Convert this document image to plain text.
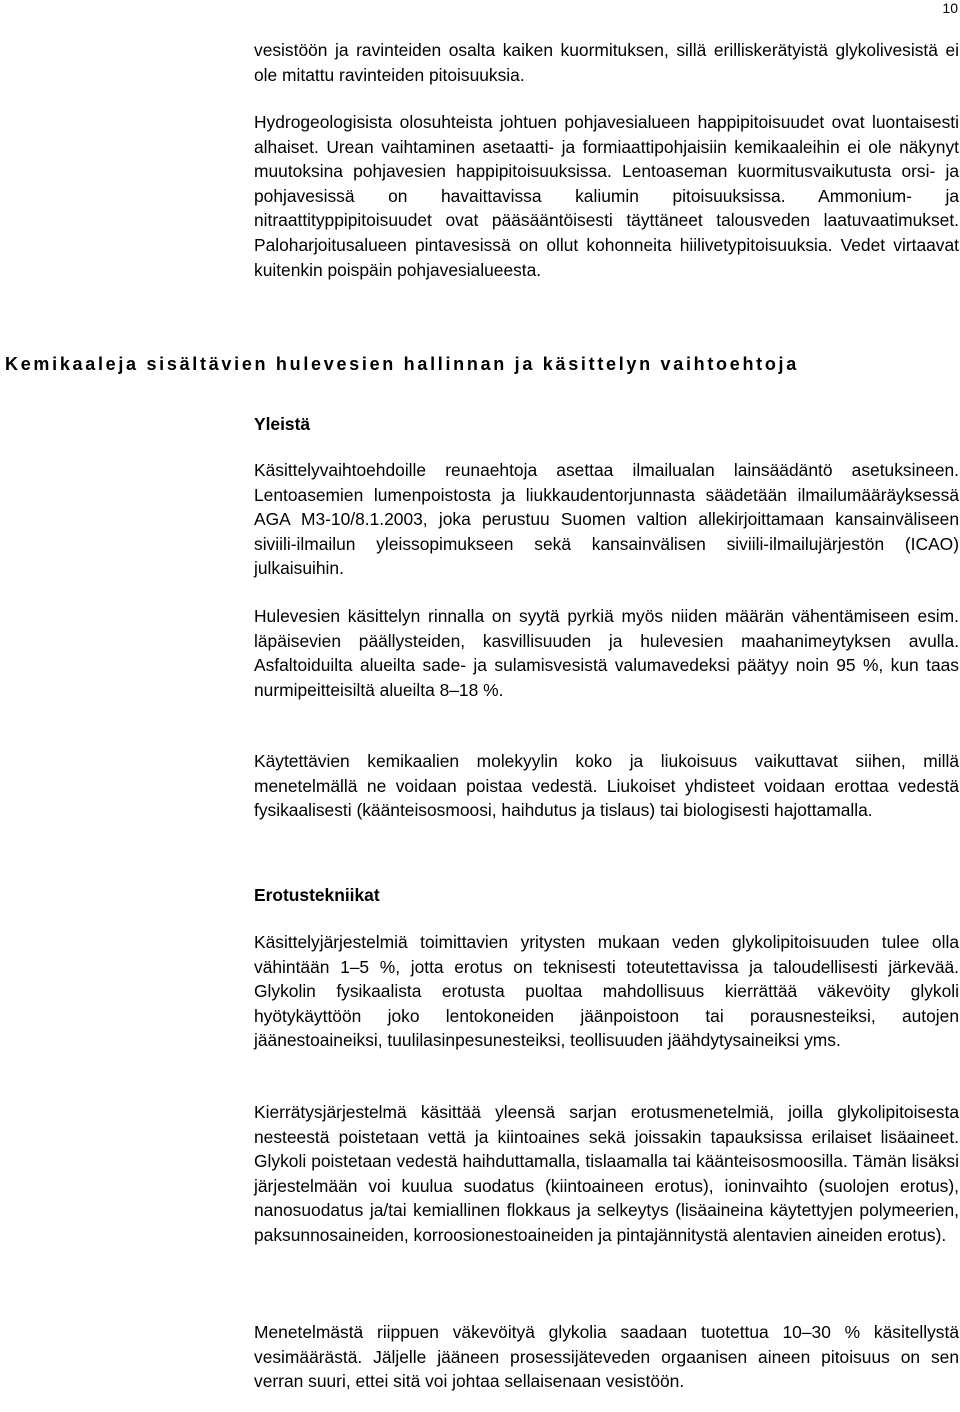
10

vesistöön ja ravinteiden osalta kaiken kuormituksen, sillä erilliskerätyistä glykolivesistä ei ole mitattu ravinteiden pitoisuuksia.

Hydrogeologisista olosuhteista johtuen pohjavesialueen happipitoisuudet ovat luontaisesti alhaiset. Urean vaihtaminen asetaatti- ja formiaattipohjaisiin kemikaaleihin ei ole näkynyt muutoksina pohjavesien happipitoisuuksissa. Lentoaseman kuormitusvaikutusta orsi- ja pohjavesissä on havaittavissa kaliumin pitoisuuksissa. Ammonium- ja nitraattityppipitoisuudet ovat pääsääntöisesti täyttäneet talousveden laatuvaatimukset. Paloharjoitusalueen pintavesissä on ollut kohonneita hiilivetypitoisuuksia. Vedet virtaavat kuitenkin poispäin pohjavesialueesta.

Kemikaaleja sisältävien hulevesien hallinnan ja käsittelyn vaihtoehtoja
Yleistä

Käsittelyvaihtoehdoille reunaehtoja asettaa ilmailualan lainsäädäntö asetuksineen. Lentoasemien lumenpoistosta ja liukkaudentorjunnasta säädetään ilmailumääräyksessä AGA M3-10/8.1.2003, joka perustuu Suomen valtion allekirjoittamaan kansainväliseen siviili-ilmailun yleissopimukseen sekä kansainvälisen siviili-ilmailujärjestön (ICAO) julkaisuihin.

Hulevesien käsittelyn rinnalla on syytä pyrkiä myös niiden määrän vähentämiseen esim. läpäisevien päällysteiden, kasvillisuuden ja hulevesien maahanimeytyksen avulla. Asfaltoiduilta alueilta sade- ja sulamisvesistä valumavedeksi päätyy noin 95 %, kun taas nurmipeitteisiltä alueilta 8–18 %.

Käytettävien kemikaalien molekyylin koko ja liukoisuus vaikuttavat siihen, millä menetelmällä ne voidaan poistaa vedestä. Liukoiset yhdisteet voidaan erottaa vedestä fysikaalisesti (käänteisosmoosi, haihdutus ja tislaus) tai biologisesti hajottamalla.

Erotustekniikat

Käsittelyjärjestelmiä toimittavien yritysten mukaan veden glykolipitoisuuden tulee olla vähintään 1–5 %, jotta erotus on teknisesti toteutettavissa ja taloudellisesti järkevää. Glykolin fysikaalista erotusta puoltaa mahdollisuus kierrättää väkevöity glykoli hyötykäyttöön joko lentokoneiden jäänpoistoon tai porausnesteiksi, autojen jäänestoaineiksi, tuulilasinpesunesteiksi, teollisuuden jäähdytysaineiksi yms.

Kierrätysjärjestelmä käsittää yleensä sarjan erotusmenetelmiä, joilla glykolipitoisesta nesteestä poistetaan vettä ja kiintoaines sekä joissakin tapauksissa erilaiset lisäaineet. Glykoli poistetaan vedestä haihduttamalla, tislaamalla tai käänteisosmoosilla. Tämän lisäksi järjestelmään voi kuulua suodatus (kiintoaineen erotus), ioninvaihto (suolojen erotus), nanosuodatus ja/tai kemiallinen flokkaus ja selkeytys (lisäaineina käytettyjen polymeerien, paksunnosaineiden, korroosionestoaineiden ja pintajännitystä alentavien aineiden erotus).

Menetelmästä riippuen väkevöityä glykolia saadaan tuotettua 10–30 % käsitellystä vesimäärästä. Jäljelle jääneen prosessijäteveden orgaanisen aineen pitoisuus on sen verran suuri, ettei sitä voi johtaa sellaisenaan vesistöön.
